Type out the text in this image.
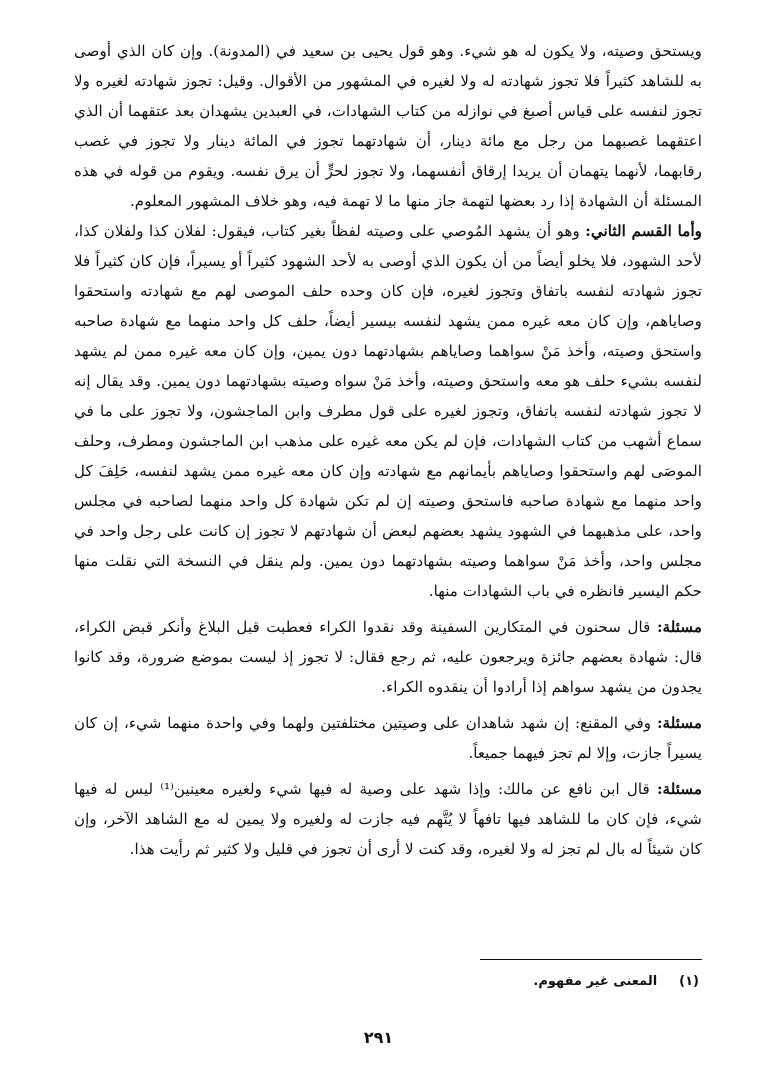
ويستحق وصيته، ولا يكون له هو شيء. وهو قول يحيى بن سعيد في (المدونة). وإن كان الذي أوصى به للشاهد كثيراً فلا تجوز شهادته له ولا لغيره في المشهور من الأقوال. وقيل: تجوز شهادته لغيره ولا تجوز لنفسه على قياس أصبغ في نوازله من كتاب الشهادات، في العبدين يشهدان بعد عتقهما أن الذي اعتقهما غصبهما من رجل مع مائة دينار، أن شهادتهما تجوز في المائة دينار ولا تجوز في غصب رقابهما، لأنهما يتهمان أن يريدا إرقاق أنفسهما، ولا تجوز لحرٍّ أن يرق نفسه. ويقوم من قوله في هذه المسئلة أن الشهادة إذا رد بعضها لتهمة جاز منها ما لا تهمة فيه، وهو خلاف المشهور المعلوم.

وأما القسم الثاني: وهو أن يشهد المُوصي على وصيته لفظاً بغير كتاب، فيقول: لفلان كذا ولفلان كذا، لأحد الشهود، فلا يخلو أيضاً من أن يكون الذي أوصى به لأحد الشهود كثيراً أو يسيراً، فإن كان كثيراً فلا تجوز شهادته لنفسه باتفاق وتجوز لغيره، فإن كان وحده حلف الموصى لهم مع شهادته واستحقوا وصاياهم، وإن كان معه غيره ممن يشهد لنفسه بيسير أيضاً، حلف كل واحد منهما مع شهادة صاحبه واستحق وصيته، وأخذ مَنْ سواهما وصاياهم بشهادتهما دون يمين، وإن كان معه غيره ممن لم يشهد لنفسه بشيء حلف هو معه واستحق وصيته، وأخذ مَنْ سواه وصيته بشهادتهما دون يمين. وقد يقال إنه لا تجوز شهادته لنفسه باتفاق، وتجوز لغيره على قول مطرف وابن الماجشون، ولا تجوز على ما في سماع أشهب من كتاب الشهادات، فإن لم يكن معه غيره على مذهب ابن الماجشون ومطرف، وحلف الموصَى لهم واستحقوا وصاياهم بأيمانهم مع شهادته وإن كان معه غيره ممن يشهد لنفسه، حَلِفَ كل واحد منهما مع شهادة صاحبه فاستحق وصيته إن لم تكن شهادة كل واحد منهما لصاحبه في مجلس واحد، على مذهبهما في الشهود يشهد بعضهم لبعض أن شهادتهم لا تجوز إن كانت على رجل واحد في مجلس واحد، وأخذ مَنْ سواهما وصيته بشهادتهما دون يمين. ولم ينقل في النسخة التي نقلت منها حكم اليسير فانظره في باب الشهادات منها.

مسئلة: قال سحنون في المتكارين السفينة وقد نقدوا الكراء فعطبت قبل البلاغ وأنكر قبض الكراء، قال: شهادة بعضهم جائزة ويرجعون عليه، ثم رجع فقال: لا تجوز إذ ليست بموضع ضرورة، وقد كانوا يجدون من يشهد سواهم إذا أرادوا أن ينقدوه الكراء.

مسئلة: وفي المقنع: إن شهد شاهدان على وصيتين مختلفتين ولهما وفي واحدة منهما شيء، إن كان يسيراً جازت، وإلا لم تجز فيهما جميعاً.

مسئلة: قال ابن نافع عن مالك: وإذا شهد على وصية له فيها شيء ولغيره معينين⁽¹⁾ ليس له فيها شيء، فإن كان ما للشاهد فيها تافهاً لا يُتَّهم فيه جازت له ولغيره ولا يمين له مع الشاهد الآخر، وإن كان شيئاً له بال لم تجز له ولا لغيره، وقد كنت لا أرى أن تجوز في قليل ولا كثير ثم رأيت هذا.

(١)المعنى غير مفهوم.
٢٩١
